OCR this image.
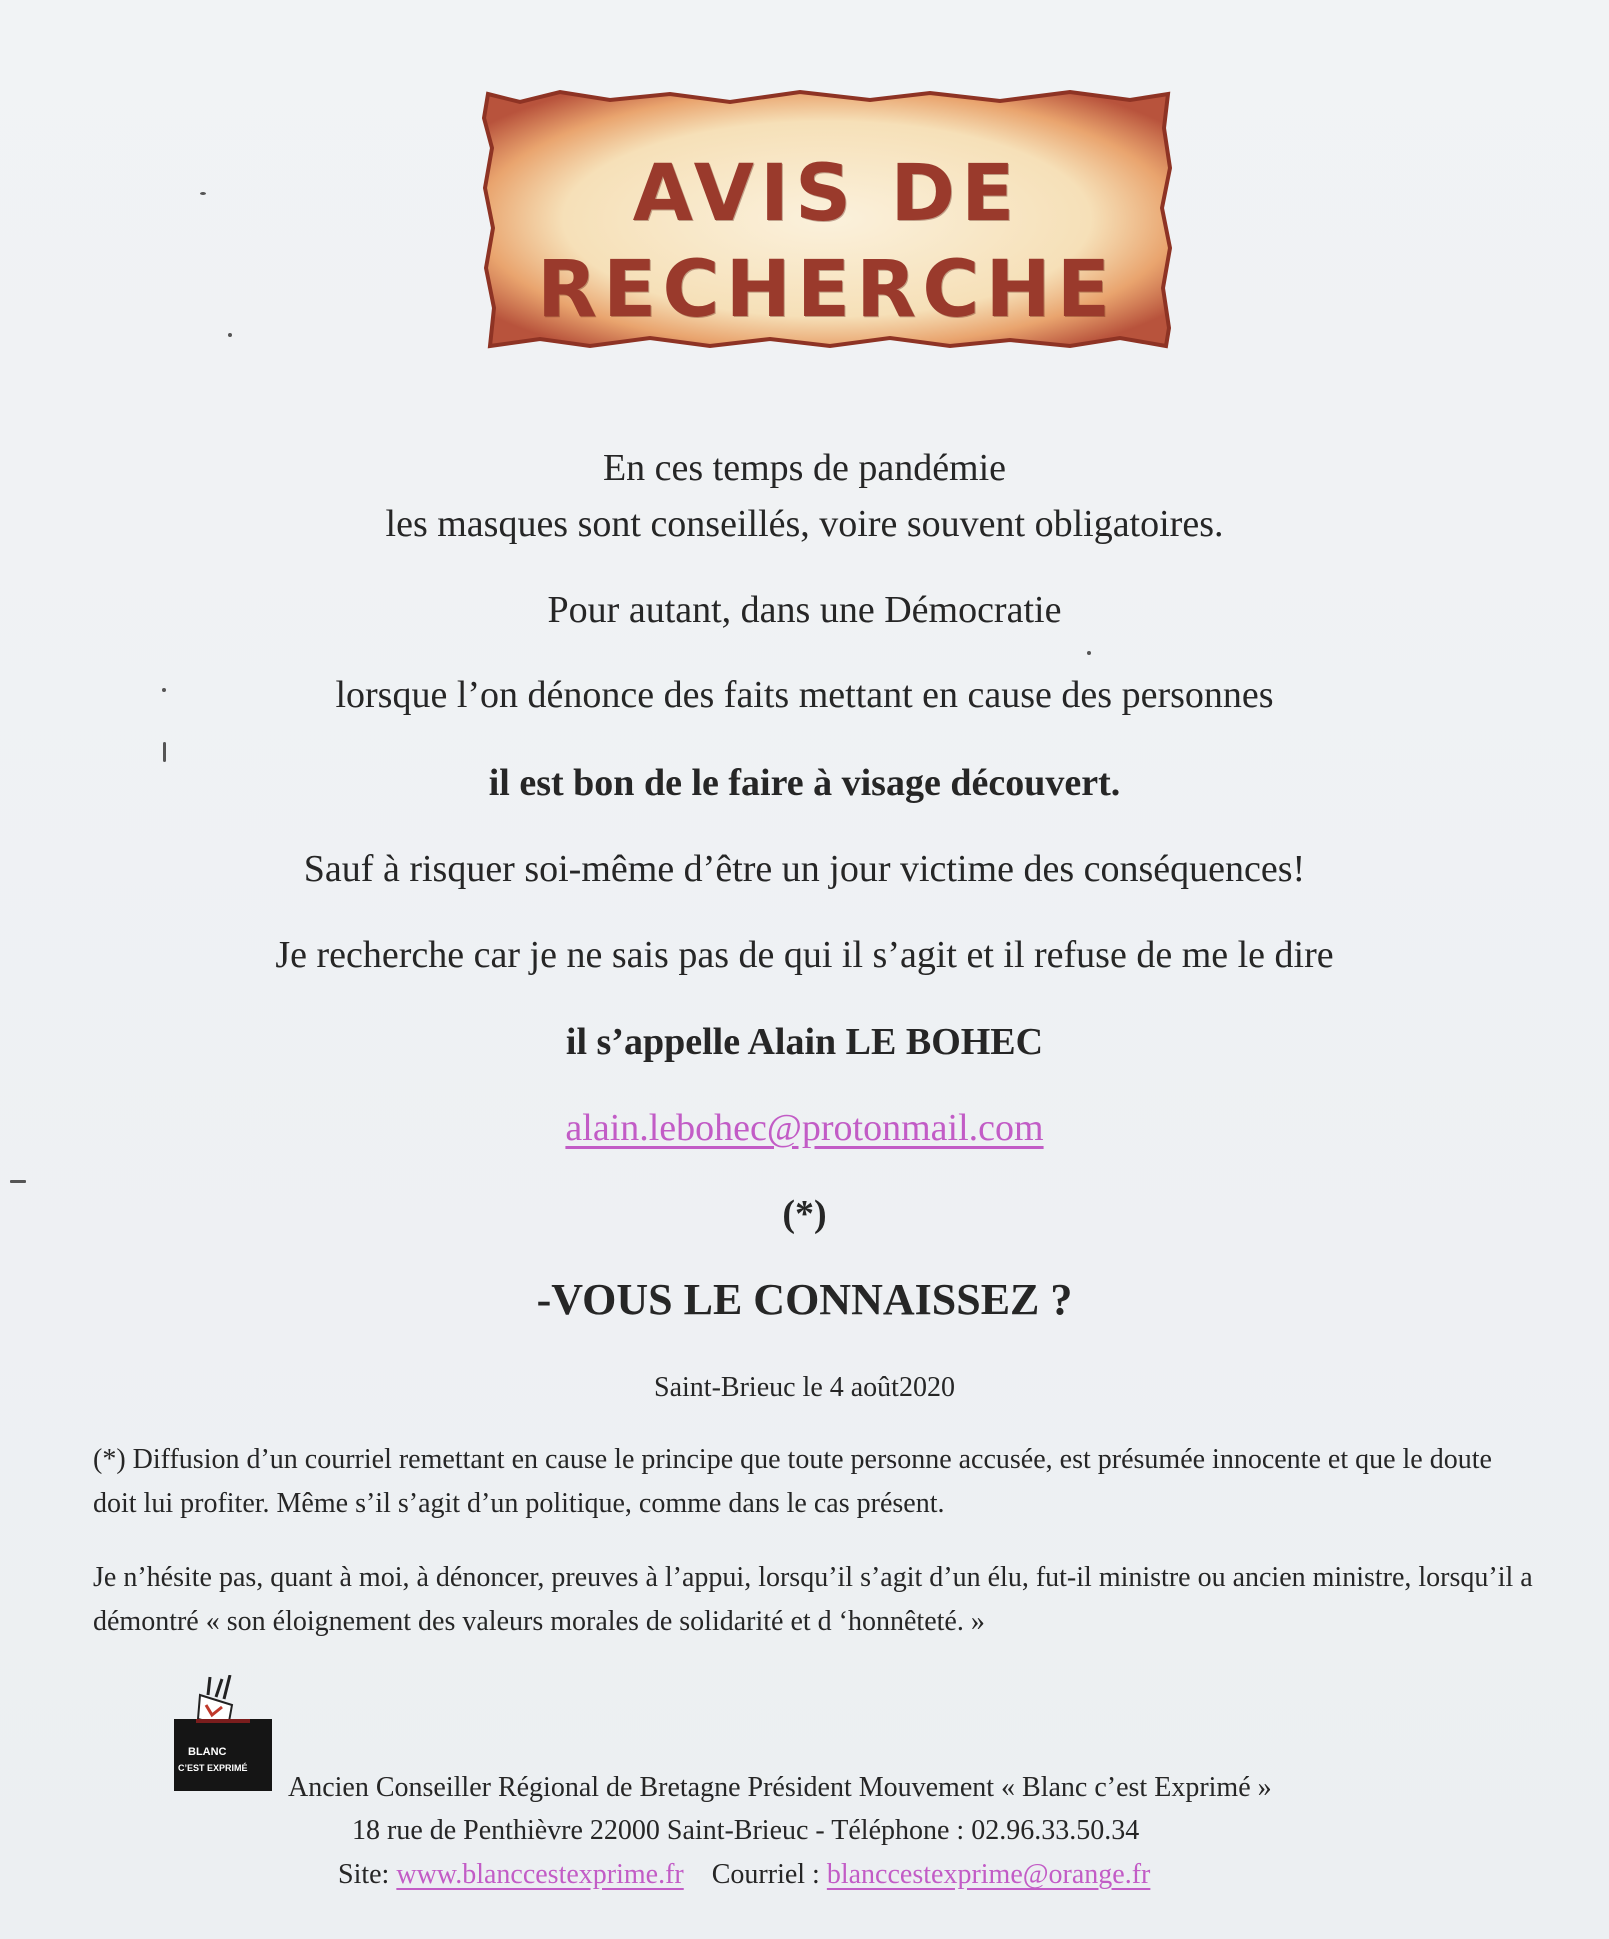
AVIS DE
RECHERCHE
En ces temps de pandémie
les masques sont conseillés, voire souvent obligatoires.
Pour autant, dans une Démocratie
lorsque l’on dénonce des faits mettant en cause des personnes
il est bon de le faire à visage découvert.
Sauf à risquer soi-même d’être un jour victime des conséquences!
Je recherche car je ne sais pas de qui il s’agit et il refuse de me le dire
il s’appelle Alain LE BOHEC
alain.lebohec@protonmail.com
(*)
-VOUS LE CONNAISSEZ ?
Saint-Brieuc le 4 août2020

(*) Diffusion d’un courriel remettant en cause le principe que toute personne accusée, est présumée innocente et que le doute doit lui profiter. Même s’il s’agit d’un politique, comme dans le cas présent.

Je n’hésite pas, quant à moi, à dénoncer, preuves à l’appui, lorsqu’il s’agit d’un élu, fut-il ministre ou ancien ministre, lorsqu’il a démontré « son éloignement des valeurs morales de solidarité et d ‘honnêteté. »

BLANC
C’EST EXPRIMÉ
Ancien Conseiller Régional de Bretagne Président Mouvement « Blanc c’est Exprimé »
18 rue de Penthièvre 22000 Saint-Brieuc - Téléphone : 02.96.33.50.34
Site: www.blanccestexprime.fr Courriel : blanccestexprime@orange.fr
